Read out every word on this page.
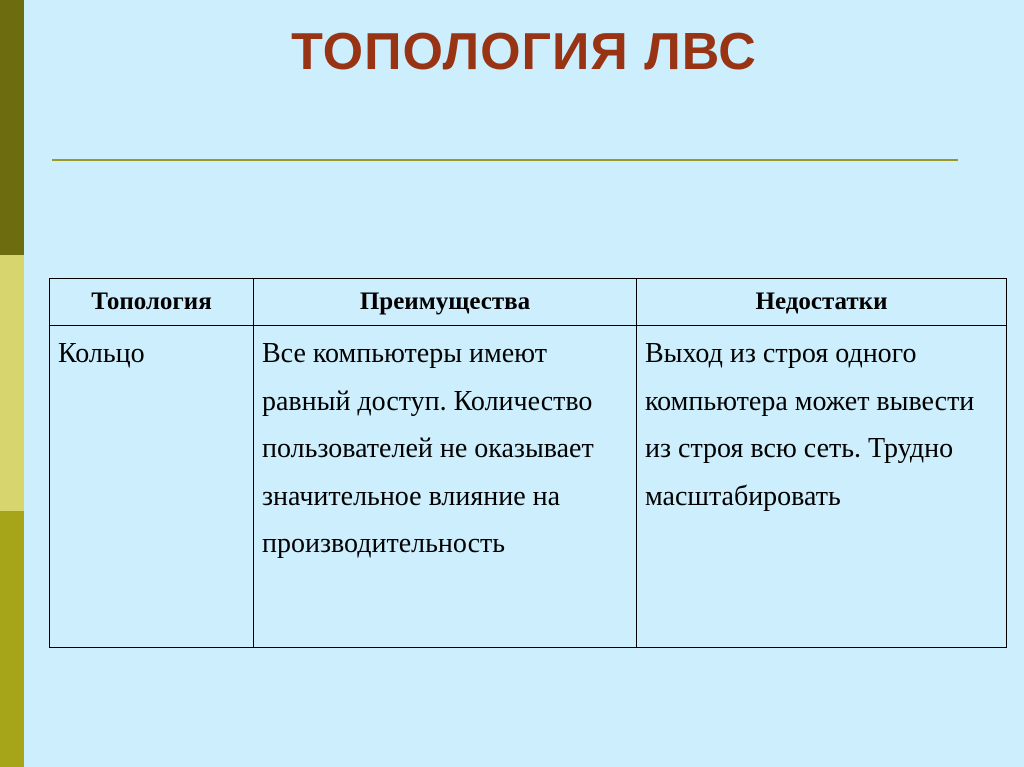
ТОПОЛОГИЯ ЛВС
Топология	Преимущества	Недостатки
Кольцо	Все компьютеры имеют равный доступ. Количество пользователей не оказывает значительное влияние на производительность	Выход из строя одного компьютера может вывести из строя всю сеть. Трудно масштабировать
